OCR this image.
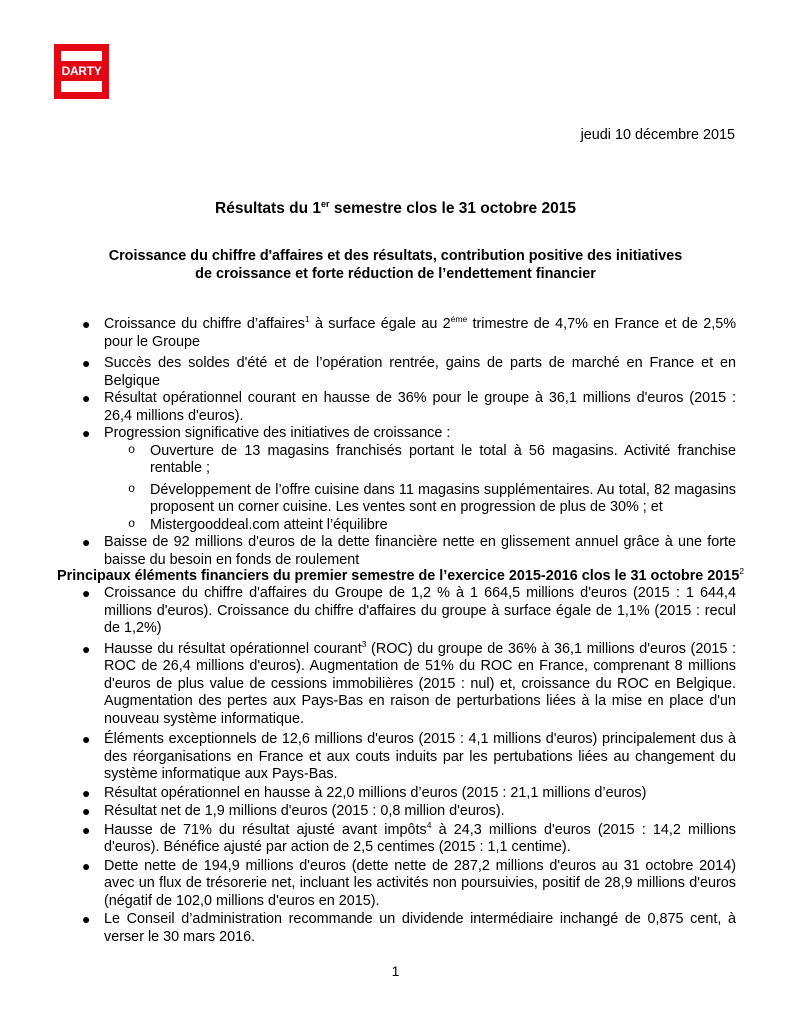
DARTY
jeudi 10 décembre 2015
Résultats du 1er semestre clos le 31 octobre 2015
Croissance du chiffre d'affaires et des résultats, contribution positive des initiatives
de croissance et forte réduction de l’endettement financier
● Croissance du chiffre d’affaires$^1$ à surface égale au $2^{éme}$ trimestre de 4,7% en France et de 2,5% pour le Groupe
● Succès des soldes d'été et de l’opération rentrée, gains de parts de marché en France et en Belgique
● Résultat opérationnel courant en hausse de 36% pour le groupe à 36,1 millions d'euros (2015 : 26,4 millions d'euros).
● Progression significative des initiatives de croissance :
o Ouverture de 13 magasins franchisés portant le total à 56 magasins. Activité franchise rentable ;
o Développement de l’offre cuisine dans 11 magasins supplémentaires. Au total, 82 magasins proposent un corner cuisine. Les ventes sont en progression de plus de 30% ; et
o Mistergooddeal.com atteint l’équilibre
● Baisse de 92 millions d'euros de la dette financière nette en glissement annuel grâce à une forte baisse du besoin en fonds de roulement
Principaux éléments financiers du premier semestre de l’exercice 2015-2016 clos le 31 octobre 2015$^2$
● Croissance du chiffre d'affaires du Groupe de 1,2 % à 1 664,5 millions d'euros (2015 : 1 644,4 millions d'euros). Croissance du chiffre d'affaires du groupe à surface égale de 1,1% (2015 : recul de 1,2%)
● Hausse du résultat opérationnel courant$^3$ (ROC) du groupe de 36% à 36,1 millions d'euros (2015 : ROC de 26,4 millions d'euros). Augmentation de 51% du ROC en France, comprenant 8 millions d'euros de plus value de cessions immobilières (2015 : nul) et, croissance du ROC en Belgique. Augmentation des pertes aux Pays-Bas en raison de perturbations liées à la mise en place d'un nouveau système informatique.
● Éléments exceptionnels de 12,6 millions d'euros (2015 : 4,1 millions d'euros) principalement dus à des réorganisations en France et aux couts induits par les pertubations liées au changement du système informatique aux Pays-Bas.
● Résultat opérationnel en hausse à 22,0 millions d’euros (2015 : 21,1 millions d’euros)
● Résultat net de 1,9 millions d'euros (2015 : 0,8 million d'euros).
● Hausse de 71% du résultat ajusté avant impôts$^4$ à 24,3 millions d'euros (2015 : 14,2 millions d'euros). Bénéfice ajusté par action de 2,5 centimes (2015 : 1,1 centime).
● Dette nette de 194,9 millions d'euros (dette nette de 287,2 millions d'euros au 31 octobre 2014) avec un flux de trésorerie net, incluant les activités non poursuivies, positif de 28,9 millions d'euros (négatif de 102,0 millions d'euros en 2015).
● Le Conseil d’administration recommande un dividende intermédiaire inchangé de 0,875 cent, à verser le 30 mars 2016.
1
